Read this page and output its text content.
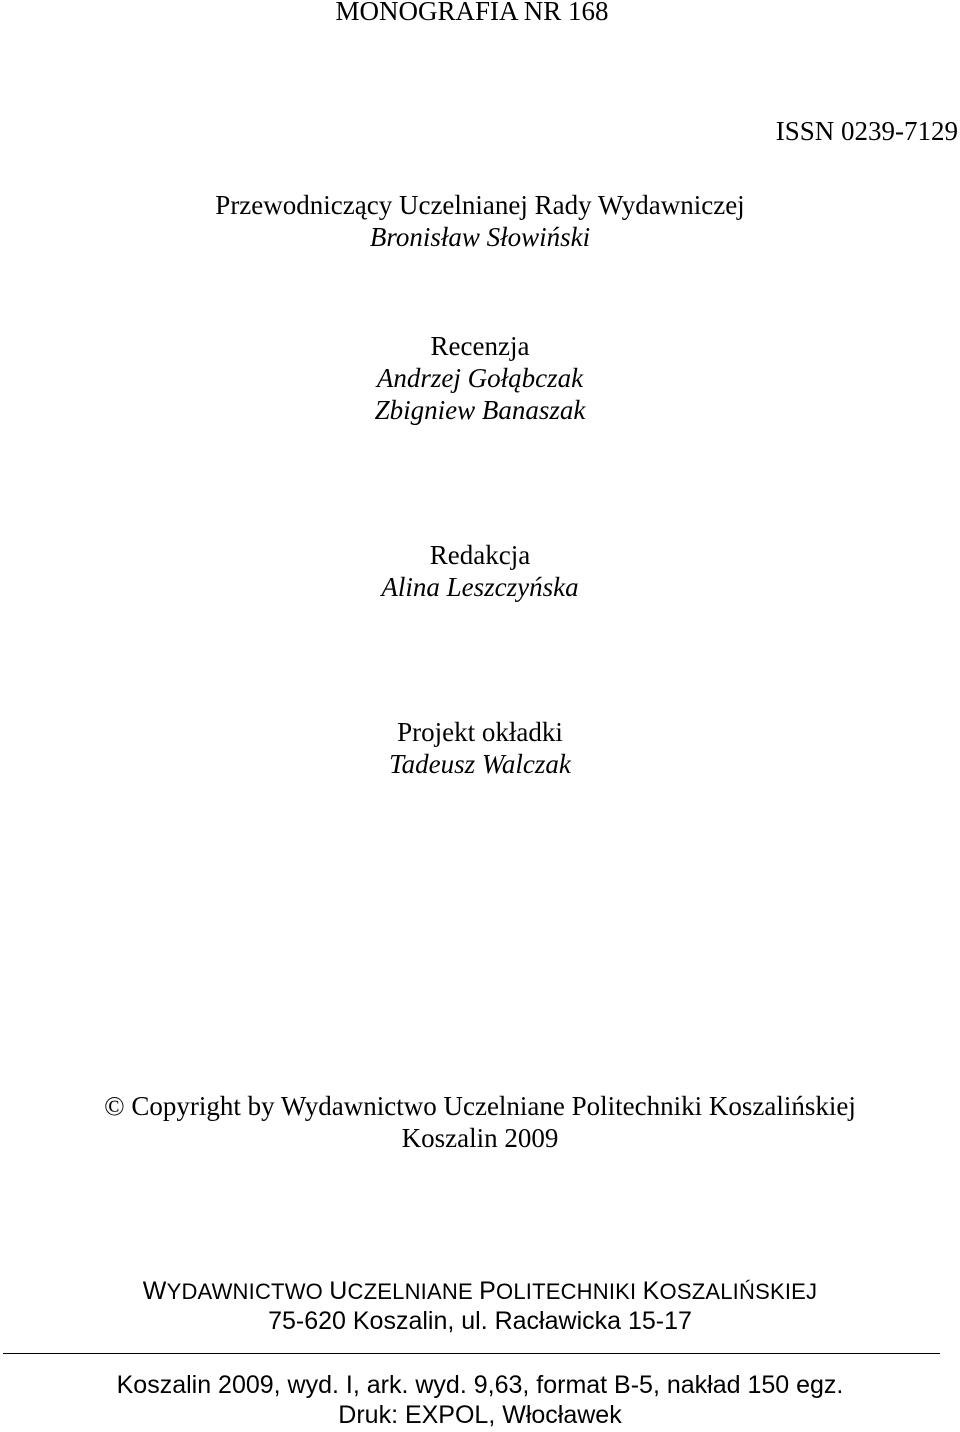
MONOGRAFIA NR 168

ISSN 0239-7129

Przewodniczący Uczelnianej Rady Wydawniczej

Bronisław Słowiński

Recenzja

Andrzej Gołąbczak

Zbigniew Banaszak

Redakcja

Alina Leszczyńska

Projekt okładki

Tadeusz Walczak

© Copyright by Wydawnictwo Uczelniane Politechniki Koszalińskiej

Koszalin 2009

WYDAWNICTWO UCZELNIANE POLITECHNIKI KOSZALIŃSKIEJ

75-620 Koszalin, ul. Racławicka 15-17

Koszalin 2009, wyd. I, ark. wyd. 9,63, format B-5, nakład 150 egz.

Druk: EXPOL, Włocławek
